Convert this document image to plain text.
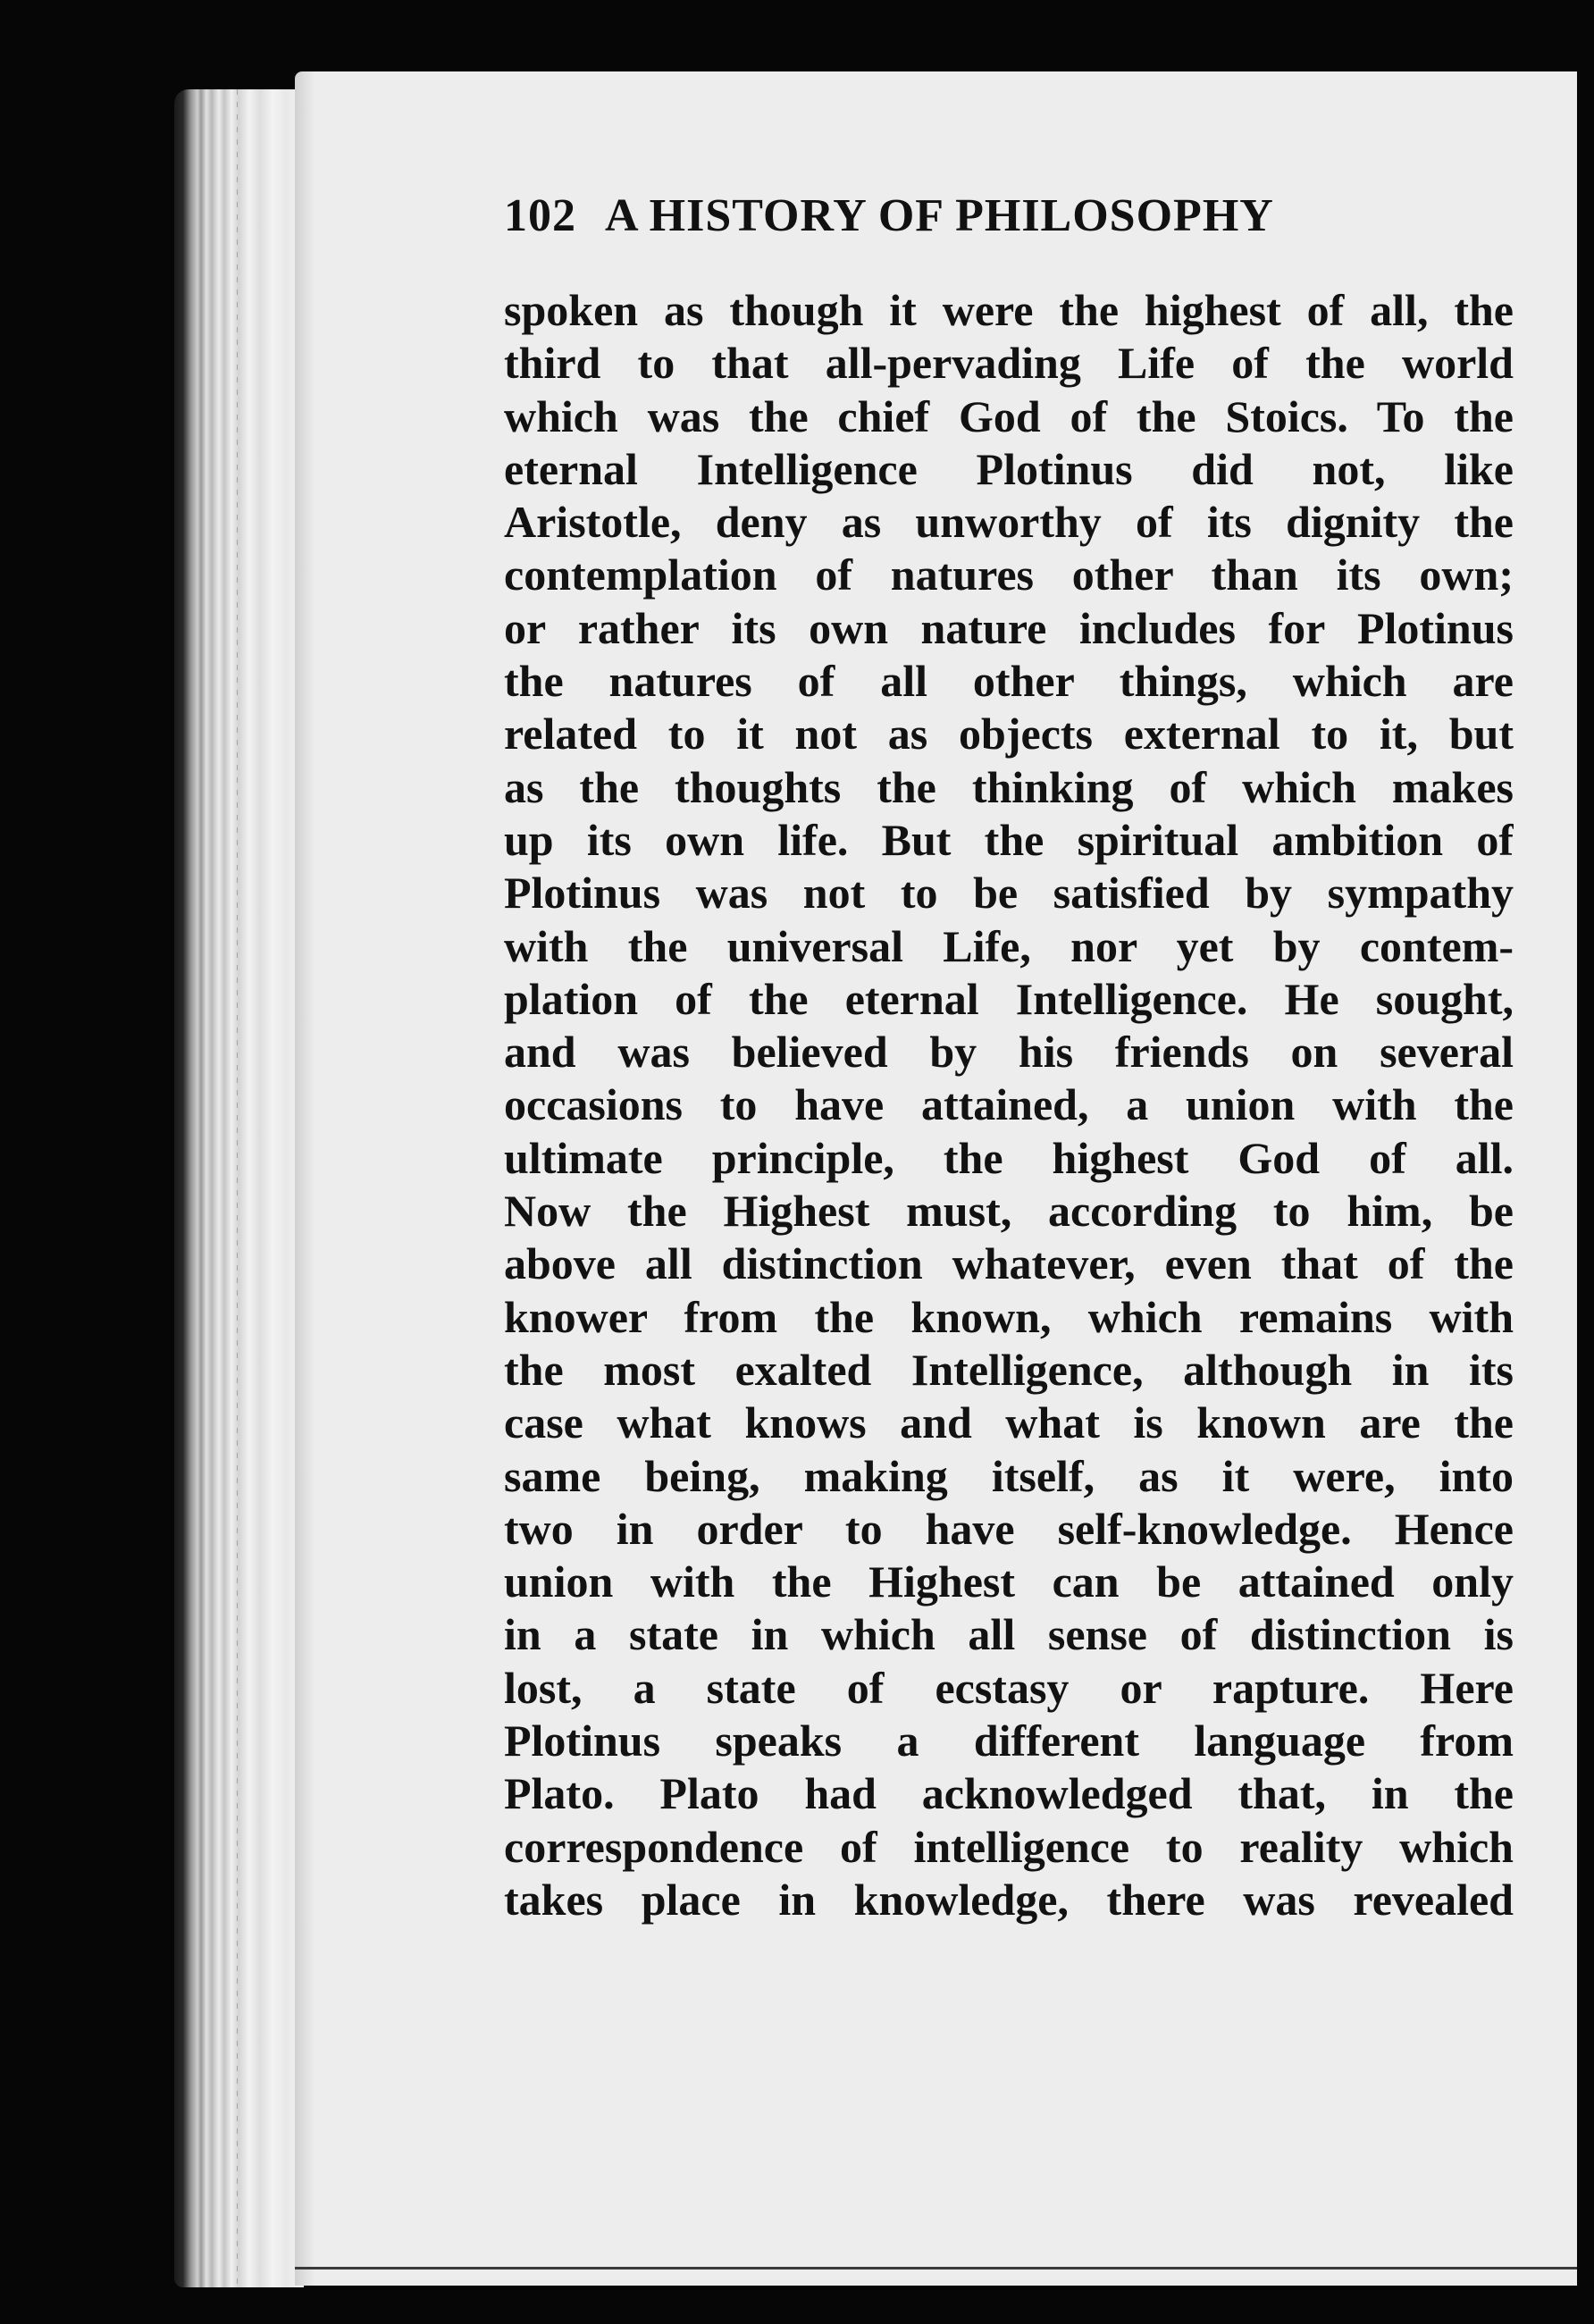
102 A HISTORY OF PHILOSOPHY
spoken as though it were the highest of all, the
third to that all-pervading Life of the world
which was the chief God of the Stoics. To the
eternal Intelligence Plotinus did not, like
Aristotle, deny as unworthy of its dignity the
contemplation of natures other than its own;
or rather its own nature includes for Plotinus
the natures of all other things, which are
related to it not as objects external to it, but
as the thoughts the thinking of which makes
up its own life. But the spiritual ambition of
Plotinus was not to be satisfied by sympathy
with the universal Life, nor yet by contem-
plation of the eternal Intelligence. He sought,
and was believed by his friends on several
occasions to have attained, a union with the
ultimate principle, the highest God of all.
Now the Highest must, according to him, be
above all distinction whatever, even that of the
knower from the known, which remains with
the most exalted Intelligence, although in its
case what knows and what is known are the
same being, making itself, as it were, into
two in order to have self-knowledge. Hence
union with the Highest can be attained only
in a state in which all sense of distinction is
lost, a state of ecstasy or rapture. Here
Plotinus speaks a different language from
Plato. Plato had acknowledged that, in the
correspondence of intelligence to reality which
takes place in knowledge, there was revealed
